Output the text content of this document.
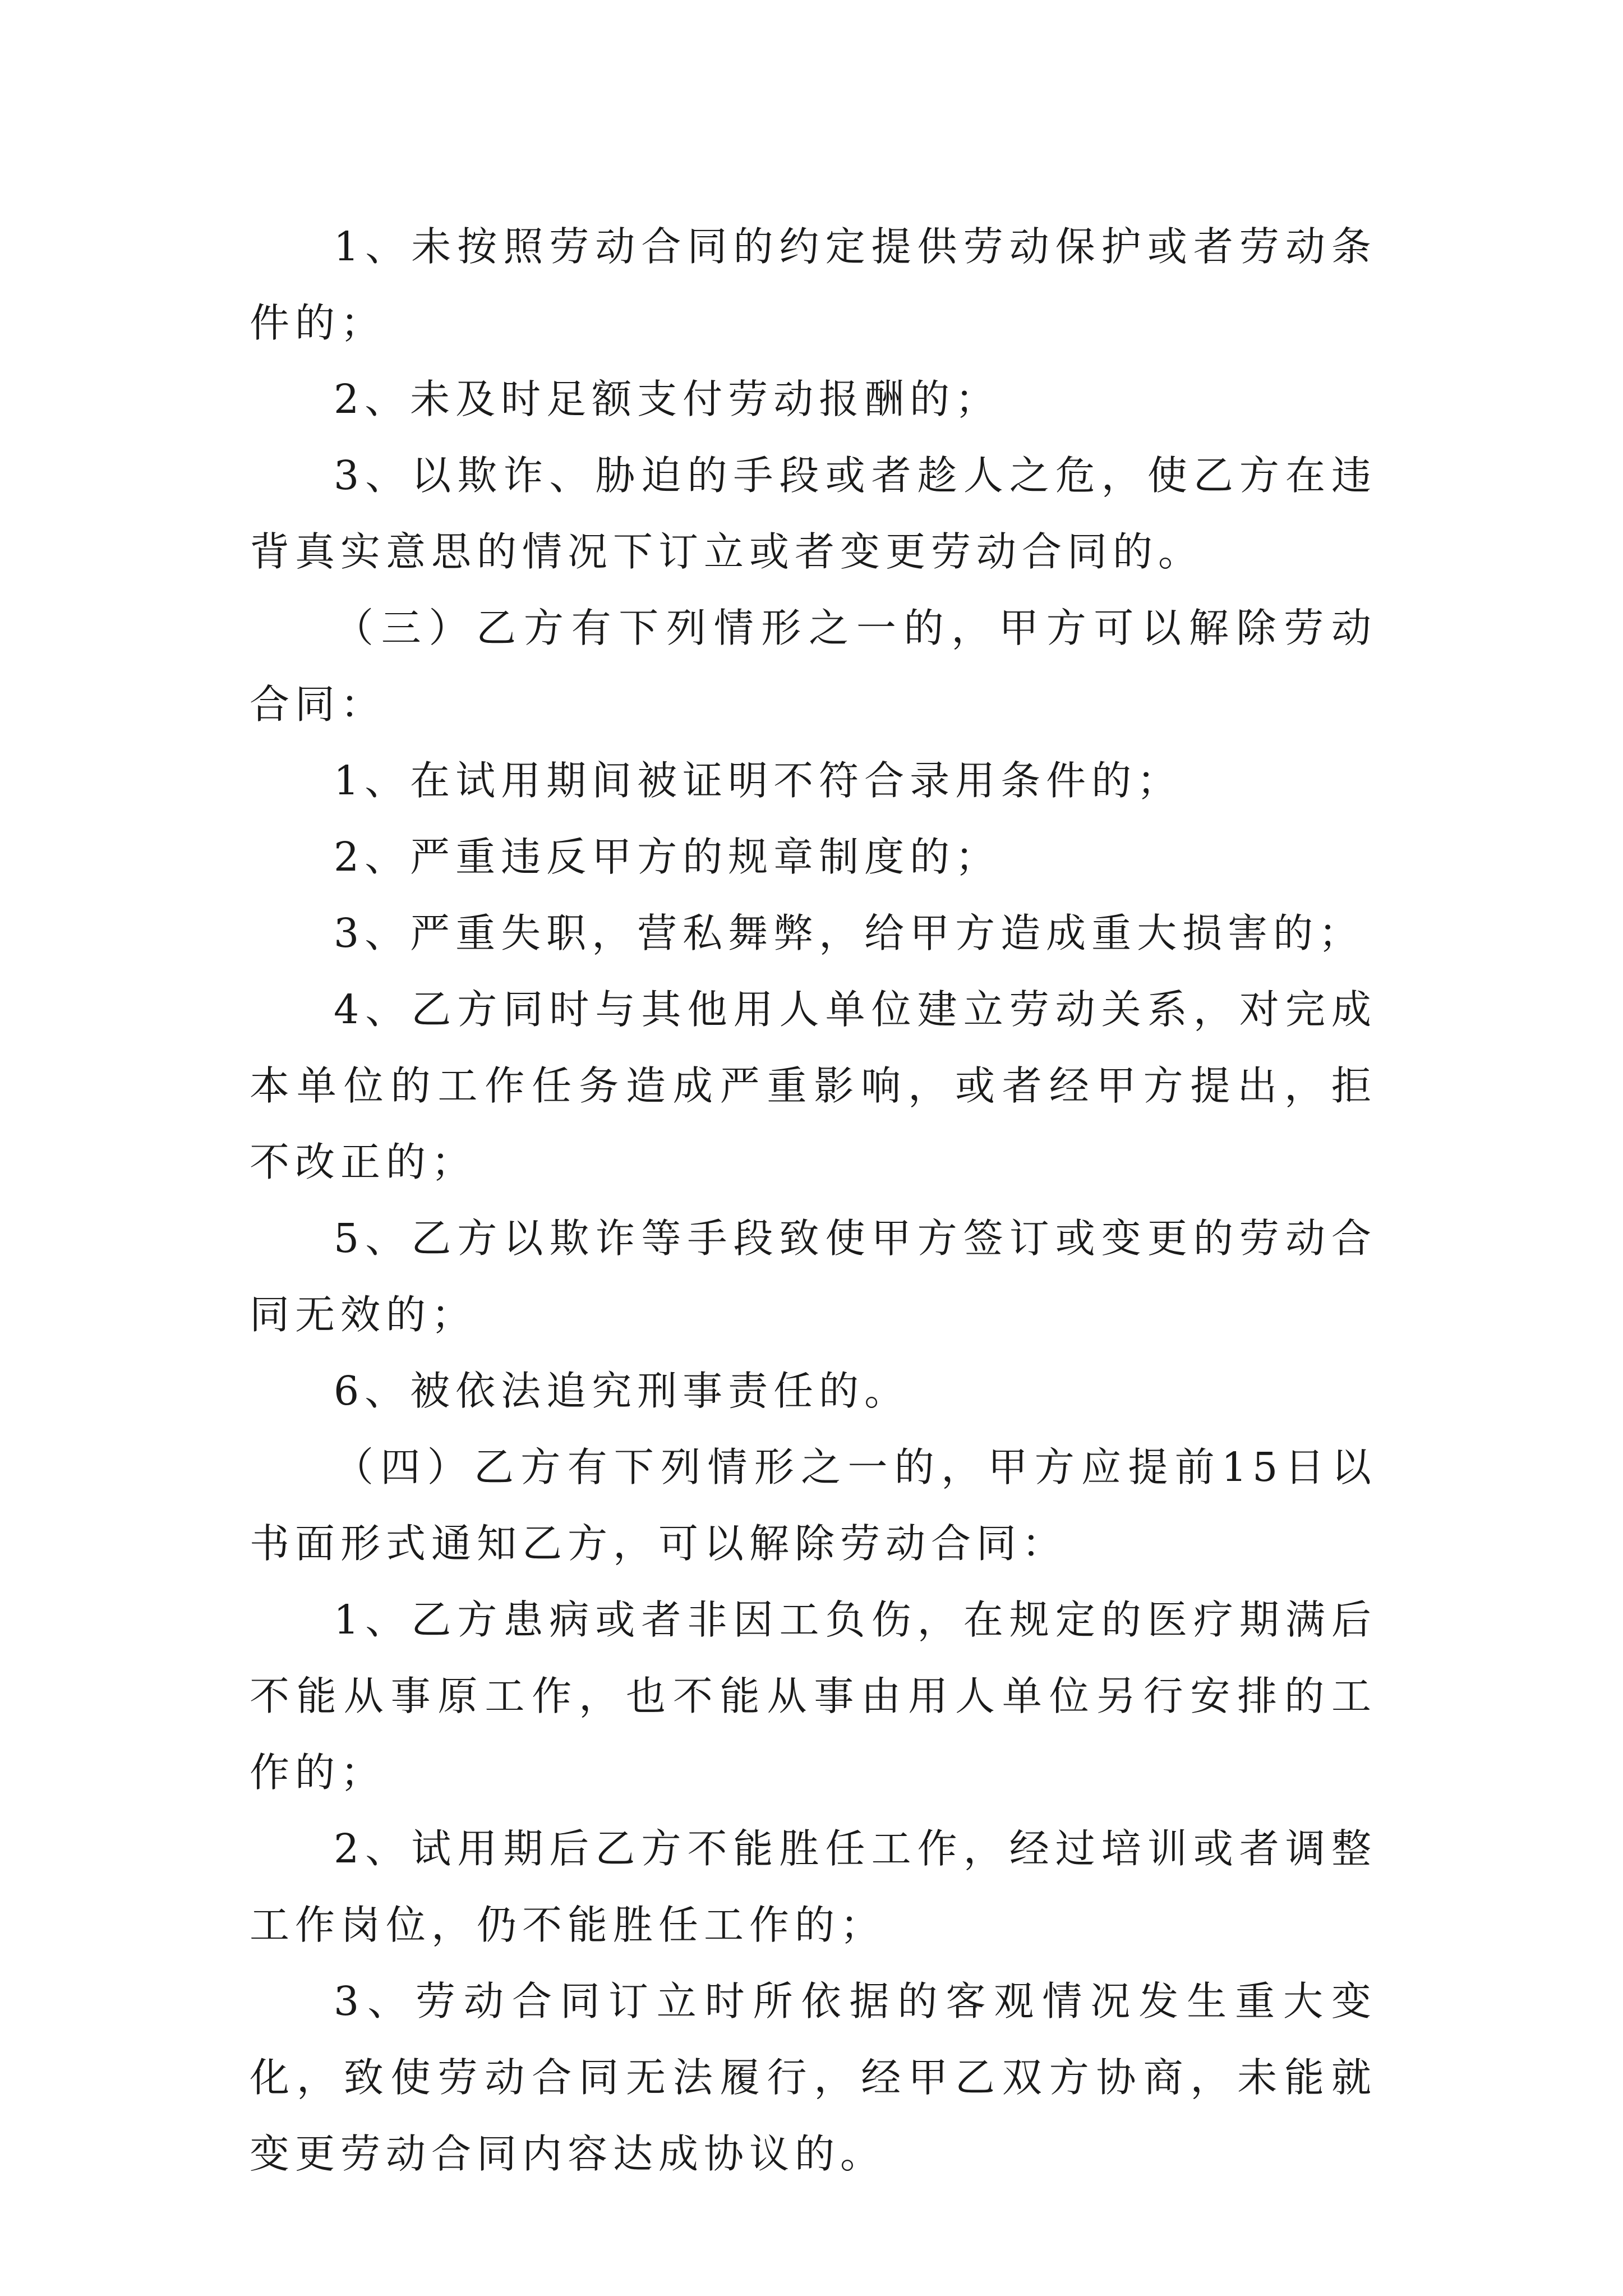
1、未按照劳动合同的约定提供劳动保护或者劳动条件的；

2、未及时足额支付劳动报酬的；

3、以欺诈、胁迫的手段或者趁人之危，使乙方在违背真实意思的情况下订立或者变更劳动合同的。

（三）乙方有下列情形之一的，甲方可以解除劳动合同：

1、在试用期间被证明不符合录用条件的；

2、严重违反甲方的规章制度的；

3、严重失职，营私舞弊，给甲方造成重大损害的；

4、乙方同时与其他用人单位建立劳动关系，对完成本单位的工作任务造成严重影响，或者经甲方提出，拒不改正的；

5、乙方以欺诈等手段致使甲方签订或变更的劳动合同无效的；

6、被依法追究刑事责任的。

（四）乙方有下列情形之一的，甲方应提前15日以书面形式通知乙方，可以解除劳动合同：

1、乙方患病或者非因工负伤，在规定的医疗期满后不能从事原工作，也不能从事由用人单位另行安排的工作的；

2、试用期后乙方不能胜任工作，经过培训或者调整工作岗位，仍不能胜任工作的；

3、劳动合同订立时所依据的客观情况发生重大变化，致使劳动合同无法履行，经甲乙双方协商，未能就变更劳动合同内容达成协议的。
